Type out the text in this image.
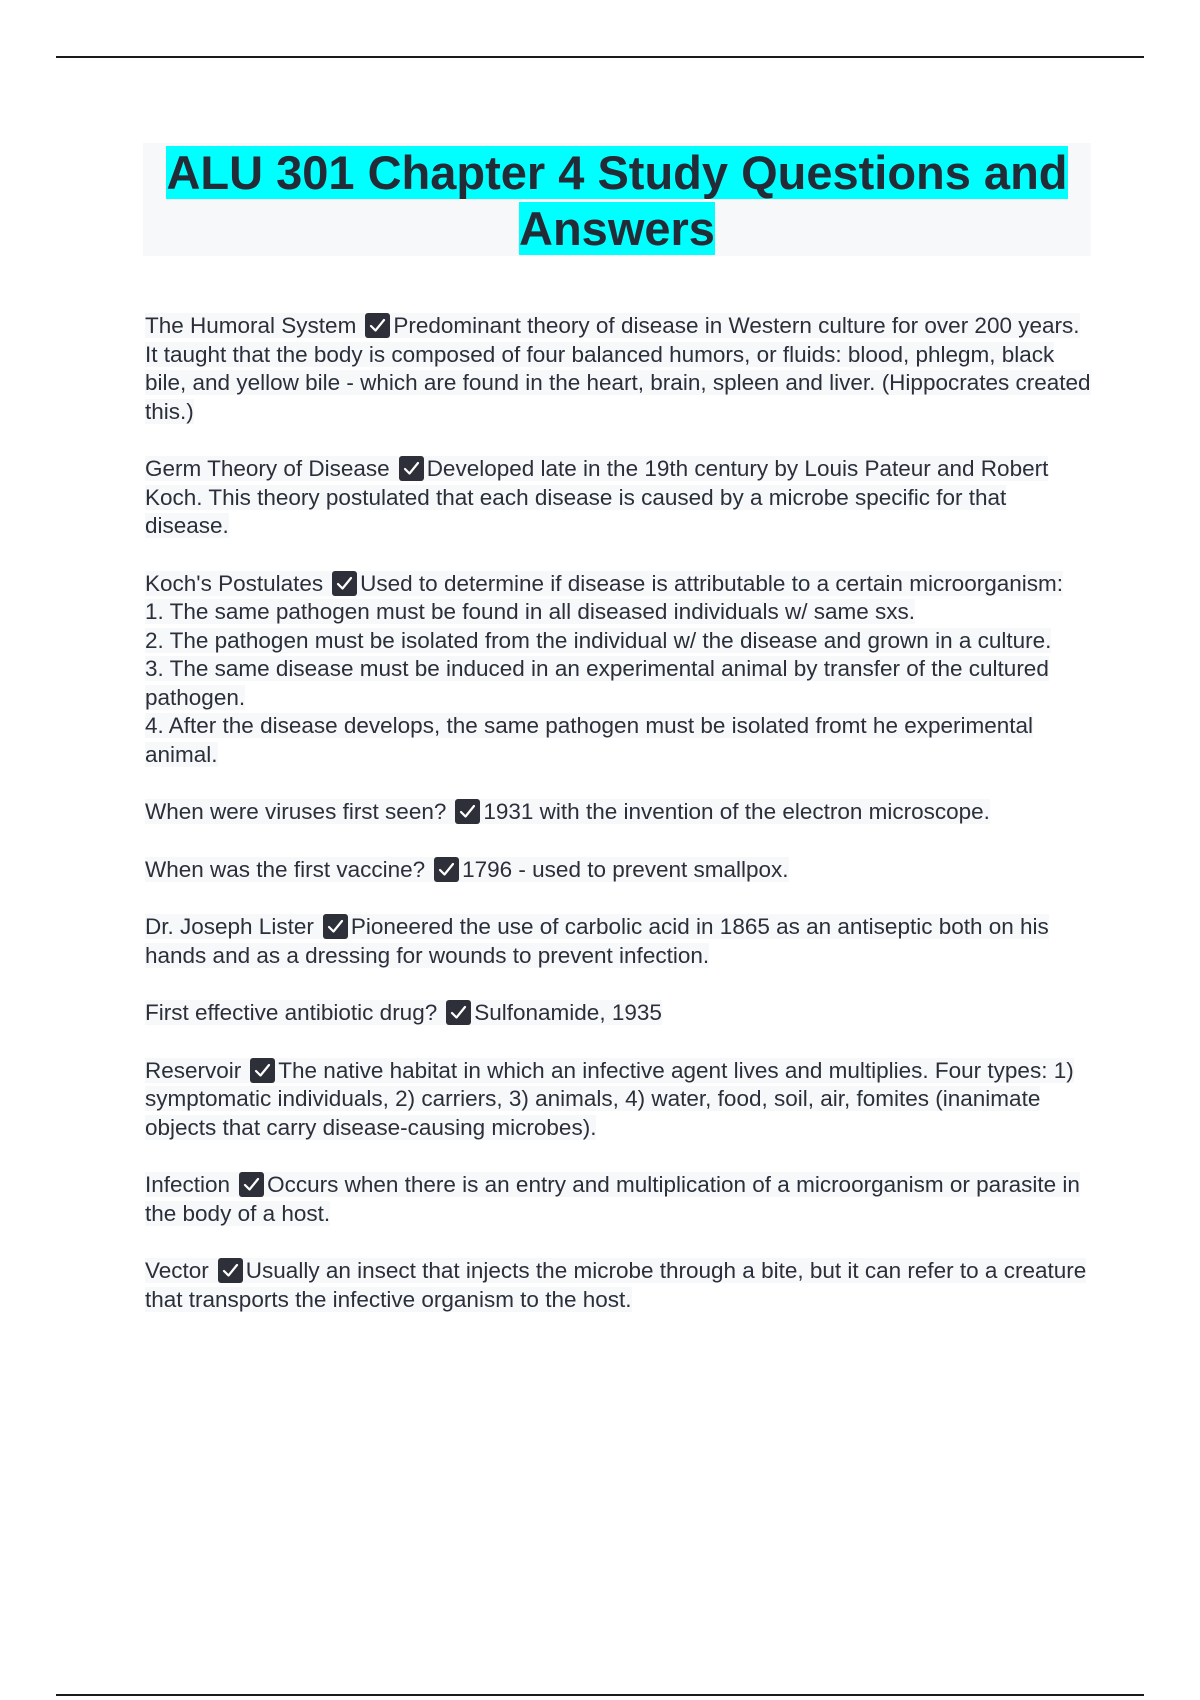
ALU 301 Chapter 4 Study Questions and Answers

The Humoral System Predominant theory of disease in Western culture for over 200 years. It taught that the body is composed of four balanced humors, or fluids: blood, phlegm, black bile, and yellow bile - which are found in the heart, brain, spleen and liver. (Hippocrates created this.)

Germ Theory of Disease Developed late in the 19th century by Louis Pateur and Robert Koch. This theory postulated that each disease is caused by a microbe specific for that disease.

Koch's Postulates Used to determine if disease is attributable to a certain microorganism:
1. The same pathogen must be found in all diseased individuals w/ same sxs.
2. The pathogen must be isolated from the individual w/ the disease and grown in a culture.
3. The same disease must be induced in an experimental animal by transfer of the cultured pathogen.
4. After the disease develops, the same pathogen must be isolated fromt he experimental animal.

When were viruses first seen? 1931 with the invention of the electron microscope.

When was the first vaccine? 1796 - used to prevent smallpox.

Dr. Joseph Lister Pioneered the use of carbolic acid in 1865 as an antiseptic both on his hands and as a dressing for wounds to prevent infection.

First effective antibiotic drug? Sulfonamide, 1935

Reservoir The native habitat in which an infective agent lives and multiplies. Four types: 1) symptomatic individuals, 2) carriers, 3) animals, 4) water, food, soil, air, fomites (inanimate objects that carry disease-causing microbes).

Infection Occurs when there is an entry and multiplication of a microorganism or parasite in the body of a host.

Vector Usually an insect that injects the microbe through a bite, but it can refer to a creature that transports the infective organism to the host.
